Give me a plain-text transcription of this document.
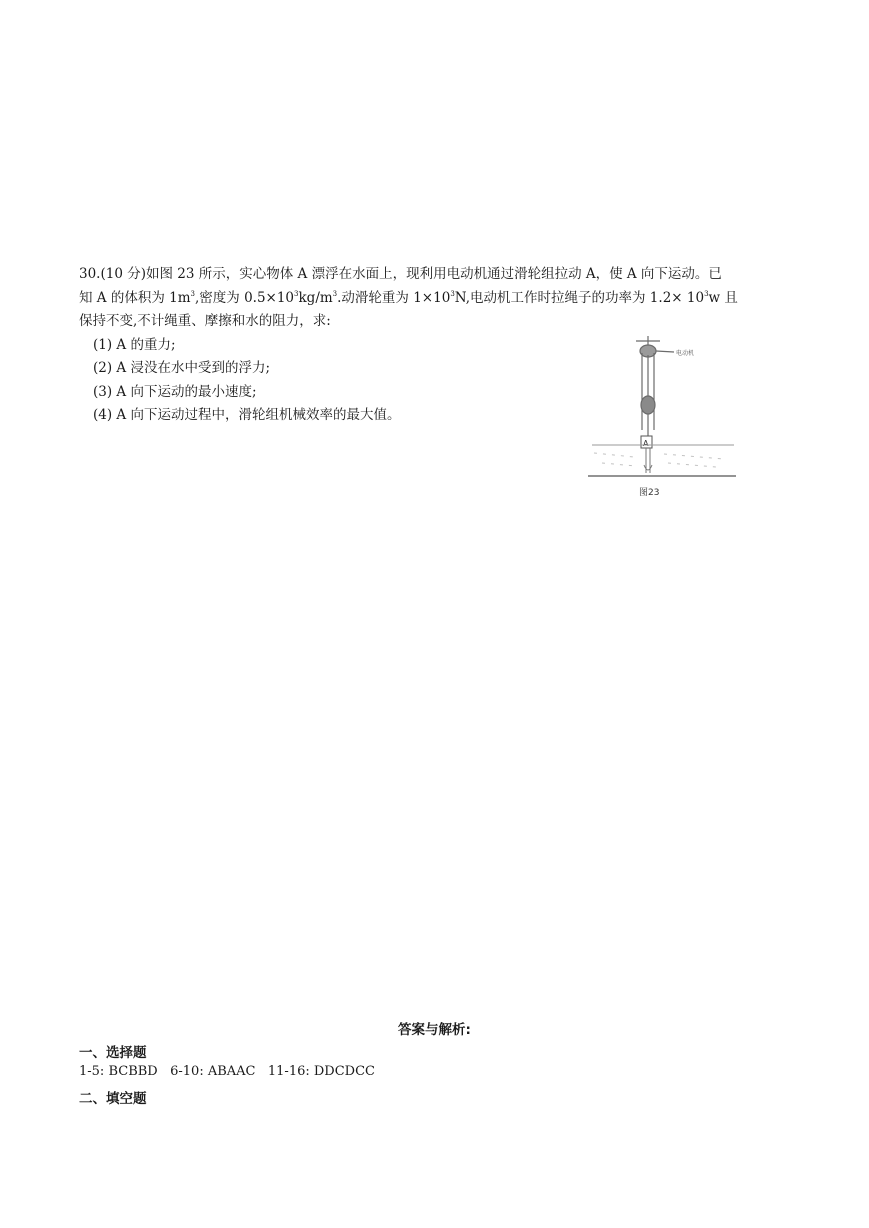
30.(10 分)如图 23 所示，实心物体 A 漂浮在水面上，现利用电动机通过滑轮组拉动 A，使 A 向下运动。已
知 A 的体积为 $1m^3$,密度为 $0.5\times 10^3kg/m^3$.动滑轮重为 $1\times 10^3N$,电动机工作时拉绳子的功率为 $1.2\times 10^3w$ 且
保持不变,不计绳重、摩擦和水的阻力，求:
(1) A 的重力;
(2) A 浸没在水中受到的浮力;
(3) A 向下运动的最小速度;
(4) A 向下运动过程中，滑轮组机械效率的最大值。
电动机
A
图23
答案与解析:
一、选择题
1-5: BCBBD   6-10: ABAAC   11-16: DDCDCC
二、填空题
